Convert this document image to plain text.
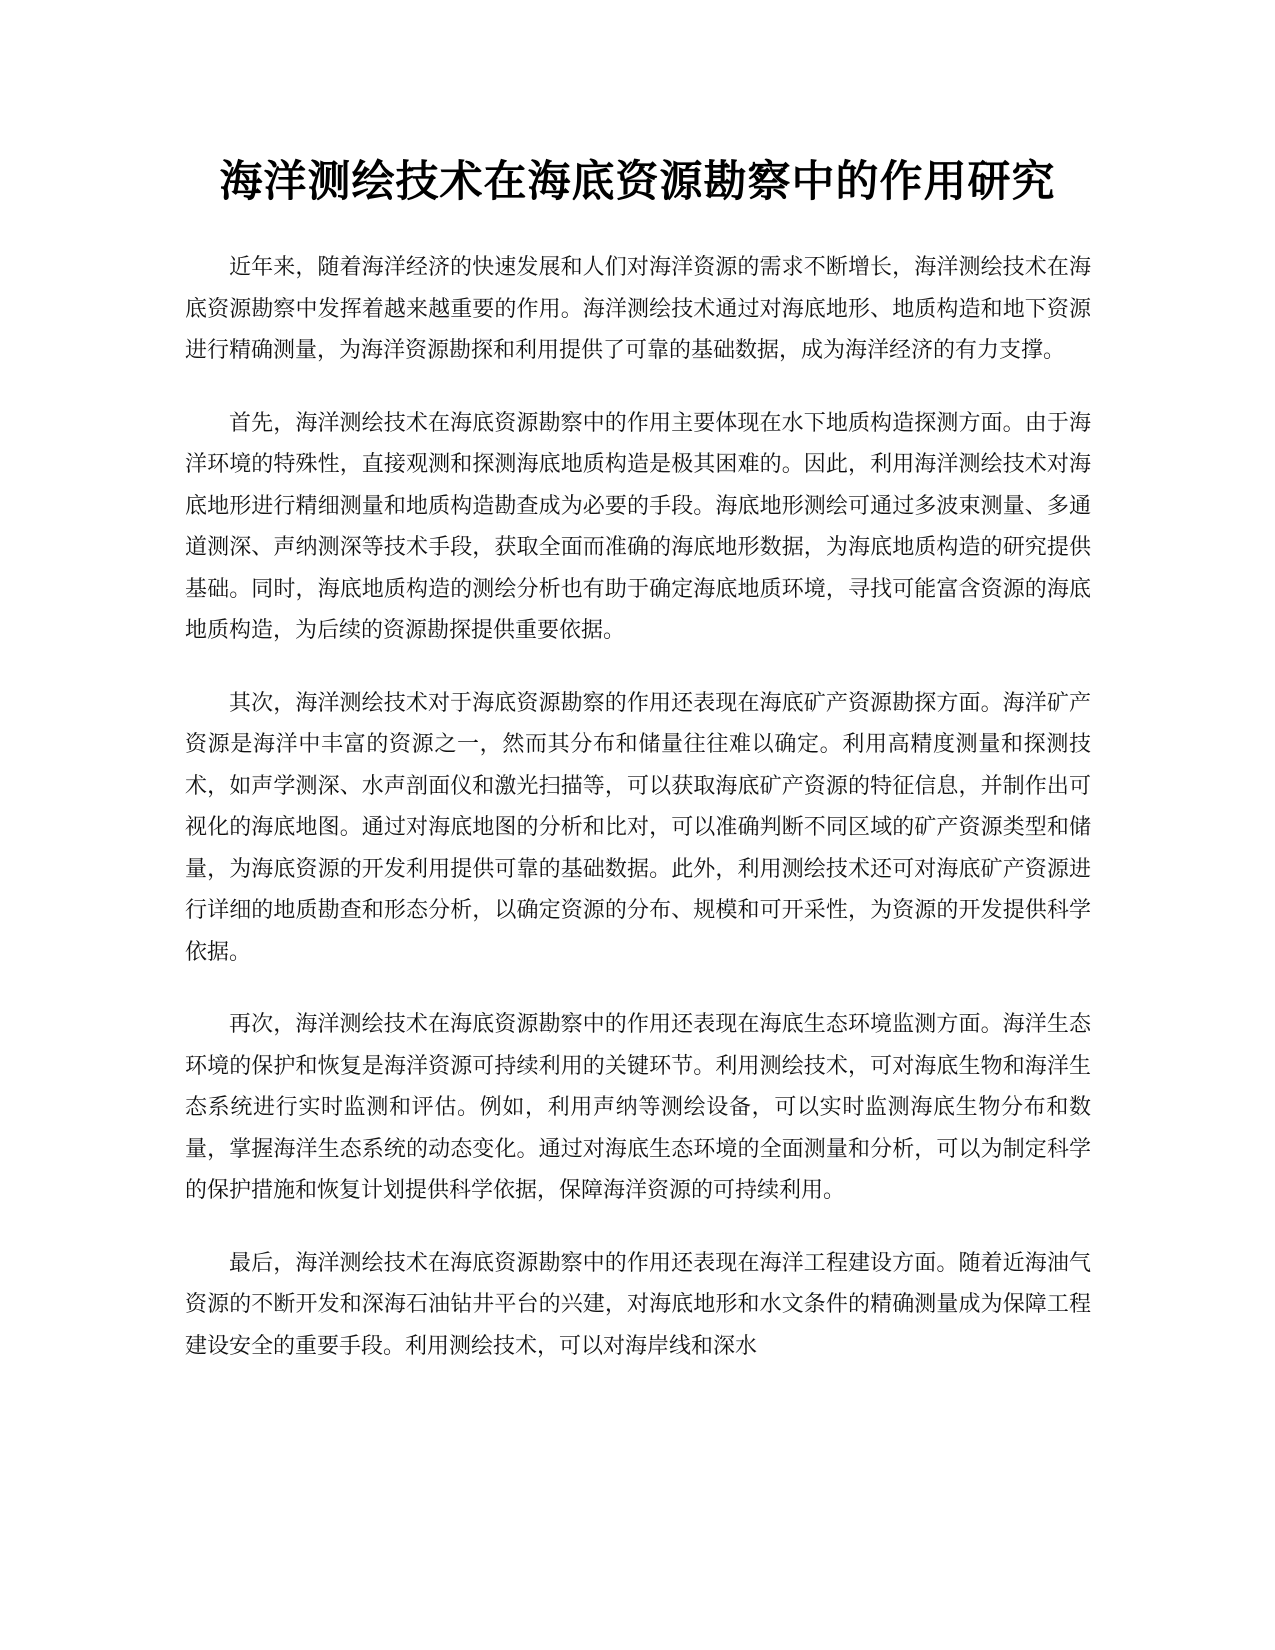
海洋测绘技术在海底资源勘察中的作用研究

近年来，随着海洋经济的快速发展和人们对海洋资源的需求不断增长，海洋测绘技术在海底资源勘察中发挥着越来越重要的作用。海洋测绘技术通过对海底地形、地质构造和地下资源进行精确测量，为海洋资源勘探和利用提供了可靠的基础数据，成为海洋经济的有力支撑。

首先，海洋测绘技术在海底资源勘察中的作用主要体现在水下地质构造探测方面。由于海洋环境的特殊性，直接观测和探测海底地质构造是极其困难的。因此，利用海洋测绘技术对海底地形进行精细测量和地质构造勘查成为必要的手段。海底地形测绘可通过多波束测量、多通道测深、声纳测深等技术手段，获取全面而准确的海底地形数据，为海底地质构造的研究提供基础。同时，海底地质构造的测绘分析也有助于确定海底地质环境，寻找可能富含资源的海底地质构造，为后续的资源勘探提供重要依据。

其次，海洋测绘技术对于海底资源勘察的作用还表现在海底矿产资源勘探方面。海洋矿产资源是海洋中丰富的资源之一，然而其分布和储量往往难以确定。利用高精度测量和探测技术，如声学测深、水声剖面仪和激光扫描等，可以获取海底矿产资源的特征信息，并制作出可视化的海底地图。通过对海底地图的分析和比对，可以准确判断不同区域的矿产资源类型和储量，为海底资源的开发利用提供可靠的基础数据。此外，利用测绘技术还可对海底矿产资源进行详细的地质勘查和形态分析，以确定资源的分布、规模和可开采性，为资源的开发提供科学依据。

再次，海洋测绘技术在海底资源勘察中的作用还表现在海底生态环境监测方面。海洋生态环境的保护和恢复是海洋资源可持续利用的关键环节。利用测绘技术，可对海底生物和海洋生态系统进行实时监测和评估。例如，利用声纳等测绘设备，可以实时监测海底生物分布和数量，掌握海洋生态系统的动态变化。通过对海底生态环境的全面测量和分析，可以为制定科学的保护措施和恢复计划提供科学依据，保障海洋资源的可持续利用。

最后，海洋测绘技术在海底资源勘察中的作用还表现在海洋工程建设方面。随着近海油气资源的不断开发和深海石油钻井平台的兴建，对海底地形和水文条件的精确测量成为保障工程建设安全的重要手段。利用测绘技术，可以对海岸线和深水
